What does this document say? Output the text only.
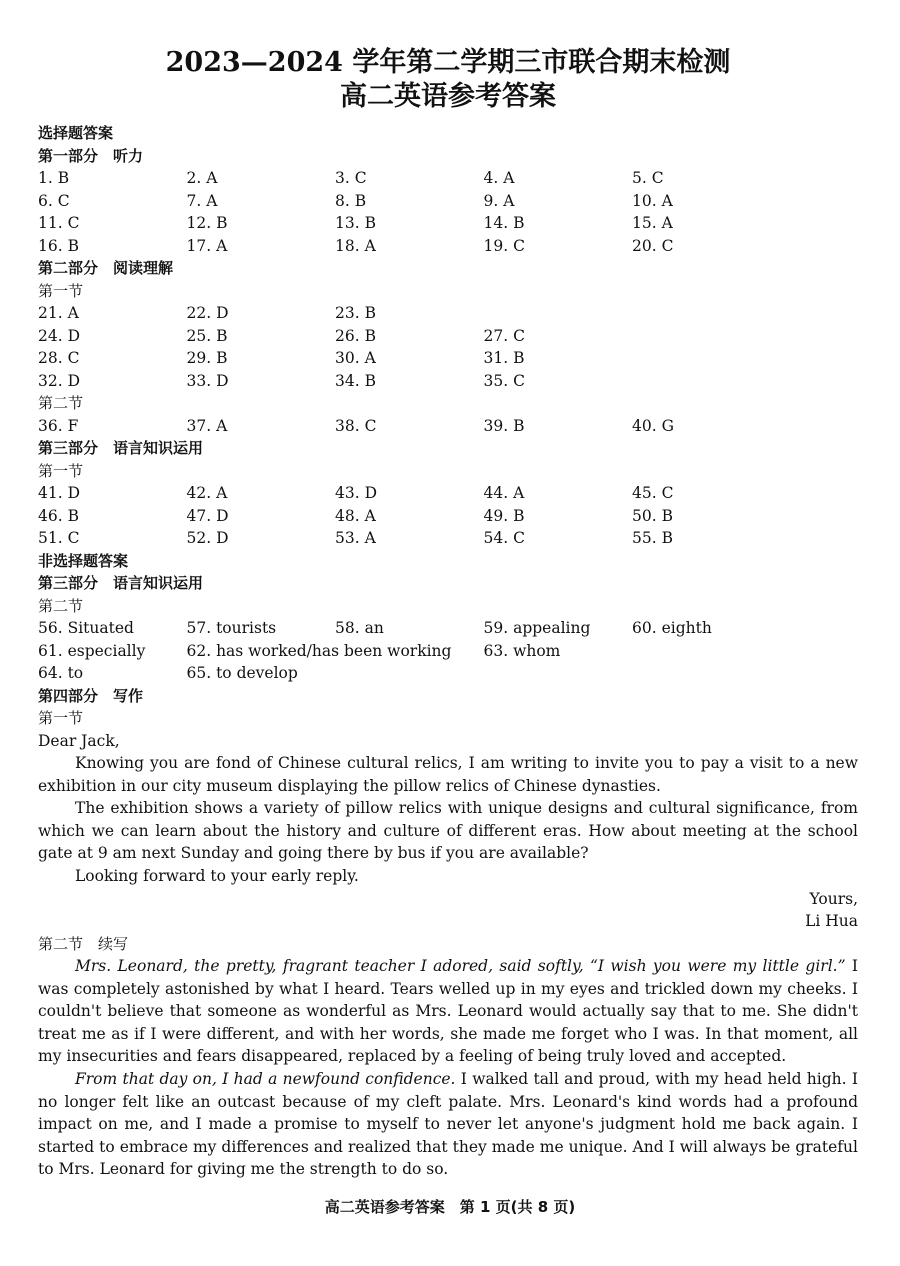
2023—2024 学年第二学期三市联合期末检测
高二英语参考答案
选择题答案
第一部分　听力
1. B	2. A	3. C	4. A	5. C
6. C	7. A	8. B	9. A	10. A
11. C	12. B	13. B	14. B	15. A
16. B	17. A	18. A	19. C	20. C
第二部分　阅读理解
第一节
21. A	22. D	23. B
24. D	25. B	26. B	27. C
28. C	29. B	30. A	31. B
32. D	33. D	34. B	35. C
第二节
36. F	37. A	38. C	39. B	40. G
第三部分　语言知识运用
第一节
41. D	42. A	43. D	44. A	45. C
46. B	47. D	48. A	49. B	50. B
51. C	52. D	53. A	54. C	55. B
非选择题答案
第三部分　语言知识运用
第二节
56. Situated	57. tourists	58. an	59. appealing	60. eighth
61. especially	62. has worked/has been working	63. whom
64. to	65. to develop
第四部分　写作
第一节
Dear Jack,

Knowing you are fond of Chinese cultural relics, I am writing to invite you to pay a visit to a new exhibition in our city museum displaying the pillow relics of Chinese dynasties.

The exhibition shows a variety of pillow relics with unique designs and cultural significance, from which we can learn about the history and culture of different eras. How about meeting at the school gate at 9 am next Sunday and going there by bus if you are available?

Looking forward to your early reply.

Yours,
Li Hua
第二节　续写

Mrs. Leonard, the pretty, fragrant teacher I adored, said softly, “I wish you were my little girl.” I was completely astonished by what I heard. Tears welled up in my eyes and trickled down my cheeks. I couldn't believe that someone as wonderful as Mrs. Leonard would actually say that to me. She didn't treat me as if I were different, and with her words, she made me forget who I was. In that moment, all my insecurities and fears disappeared, replaced by a feeling of being truly loved and accepted.

From that day on, I had a newfound confidence. I walked tall and proud, with my head held high. I no longer felt like an outcast because of my cleft palate. Mrs. Leonard's kind words had a profound impact on me, and I made a promise to myself to never let anyone's judgment hold me back again. I started to embrace my differences and realized that they made me unique. And I will always be grateful to Mrs. Leonard for giving me the strength to do so.

高二英语参考答案　第 1 页(共 8 页)
